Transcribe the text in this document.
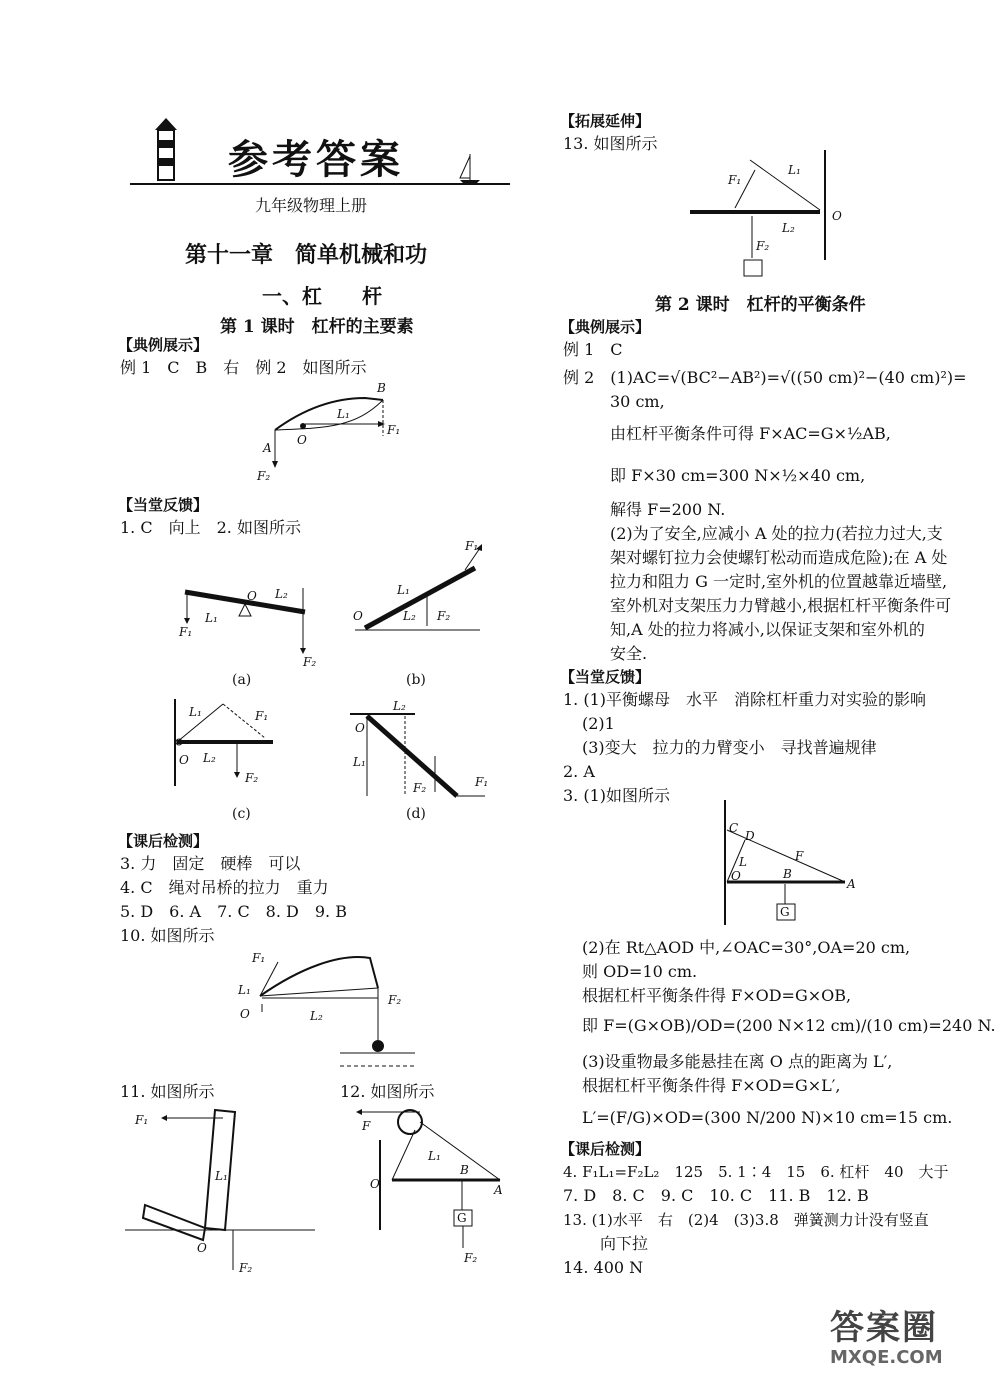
参考答案
九年级物理上册
第十一章　简单机械和功
一、杠　　杆
第 1 课时　杠杆的主要素
【典例展示】
例 1　C　B　右　例 2　如图所示
B
O
A
L₁
F₁
F₂
【当堂反馈】
1. C　向上　2. 如图所示
O L₂
L₁
F₁
F₂
(a)
O
L₁
L₂ F₂
F₁
(b)
L₁	F₁
O L₂
F₂
(c)
O
L₂
L₁
F₂	F₁
(d)
【课后检测】
3. 力　固定　硬棒　可以
4. C　绳对吊桥的拉力　重力
5. D　6. A　7. C　8. D　9. B
10. 如图所示
F₁
L₁
O	L₂
F₂
11. 如图所示	12. 如图所示
F₁
L₁
O
F₂
F
L₁
O
B
A
G
F₂
【拓展延伸】
13. 如图所示
F₁
L₁
O
L₂
F₂
第 2 课时　杠杆的平衡条件
【典例展示】
例 1　C
例 2　(1)AC=√(BC²−AB²)=√((50 cm)²−(40 cm)²)=
30 cm,
由杠杆平衡条件可得 F×AC=G×½AB,
即 F×30 cm=300 N×½×40 cm,
解得 F=200 N.
(2)为了安全,应减小 A 处的拉力(若拉力过大,支
架对螺钉拉力会使螺钉松动而造成危险);在 A 处
拉力和阻力 G 一定时,室外机的位置越靠近墙壁,
室外机对支架压力力臂越小,根据杠杆平衡条件可
知,A 处的拉力将减小,以保证支架和室外机的
安全.
【当堂反馈】
1. (1)平衡螺母　水平　消除杠杆重力对实验的影响
(2)1
(3)变大　拉力的力臂变小　寻找普遍规律
2. A
3. (1)如图所示
C
D
L	F
O	B
A
G
(2)在 Rt△AOD 中,∠OAC=30°,OA=20 cm,
则 OD=10 cm.
根据杠杆平衡条件得 F×OD=G×OB,
即 F=(G×OB)/OD=(200 N×12 cm)/(10 cm)=240 N.
(3)设重物最多能悬挂在离 O 点的距离为 L′,
根据杠杆平衡条件得 F×OD=G×L′,
L′=(F/G)×OD=(300 N/200 N)×10 cm=15 cm.
【课后检测】
4. F₁L₁=F₂L₂　125　5. 1∶4　15　6. 杠杆　40　大于
7. D　8. C　9. C　10. C　11. B　12. B
13. (1)水平　右　(2)4　(3)3.8　弹簧测力计没有竖直
向下拉
14. 400 N
答案圈
MXQE.COM
